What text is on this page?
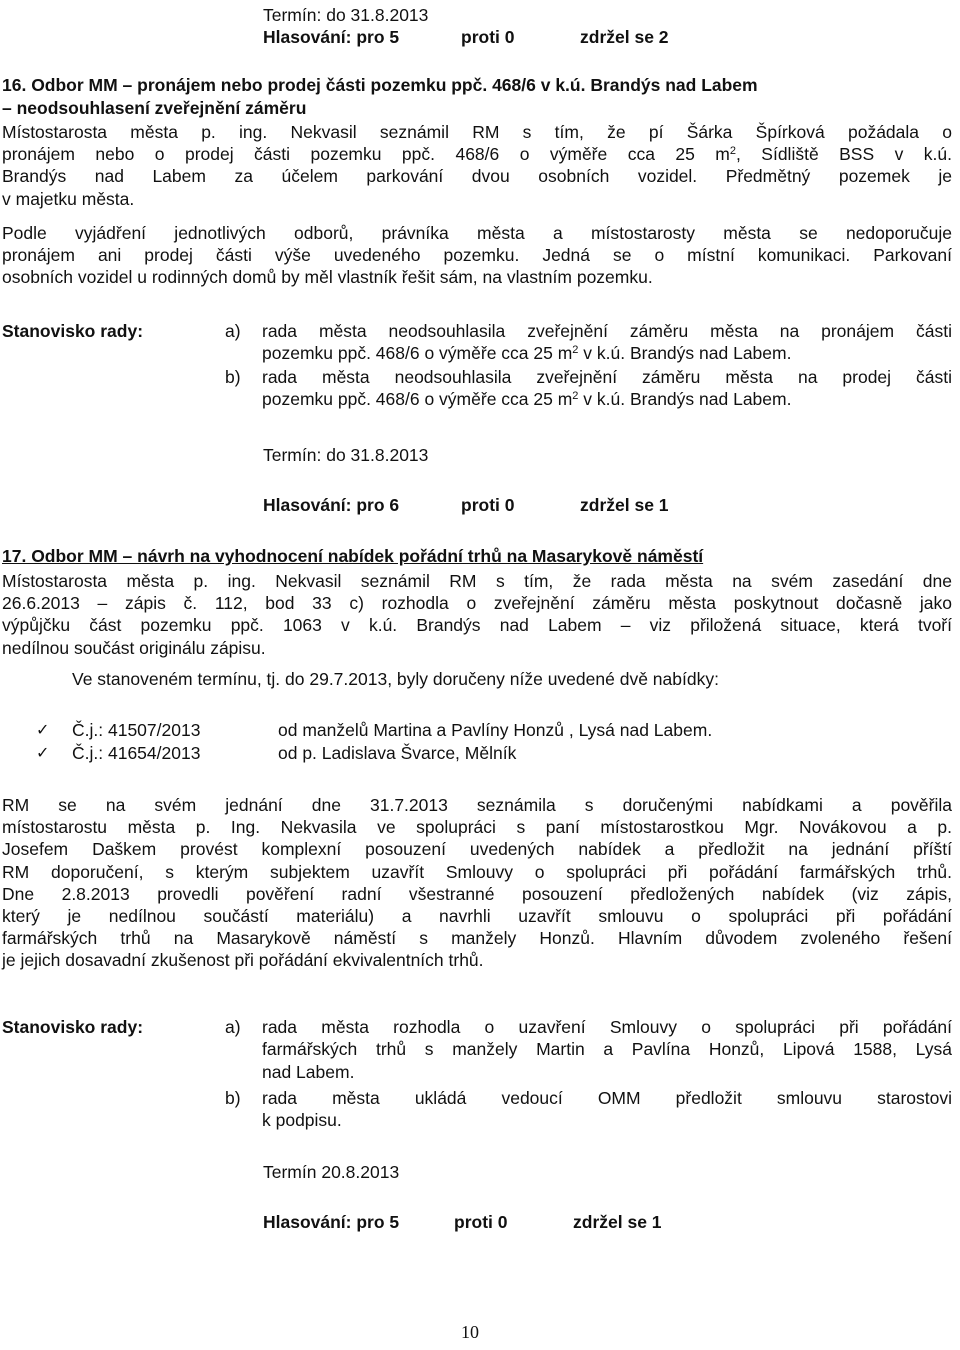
Termín: do 31.8.2013
Hlasování: pro 5	proti 0	zdržel se 2
16. Odbor MM – pronájem nebo prodej části pozemku ppč. 468/6 v k.ú. Brandýs nad Labem
– neodsouhlasení zveřejnění záměru
Místostarosta města p. ing. Nekvasil seznámil RM s tím, že pí Šárka Špírková požádala o
pronájem nebo o prodej části pozemku ppč. 468/6 o výměře cca 25 $m^2$, Sídliště BSS v k.ú.
Brandýs nad Labem za účelem parkování dvou osobních vozidel. Předmětný pozemek je
v majetku města.
Podle vyjádření jednotlivých odborů, právníka města a místostarosty města se nedoporučuje
pronájem ani prodej části výše uvedeného pozemku. Jedná se o místní komunikaci. Parkovaní
osobních vozidel u rodinných domů by měl vlastník řešit sám, na vlastním pozemku.
Stanovisko rady:	a) rada města neodsouhlasila zveřejnění záměru města na pronájem části
pozemku ppč. 468/6 o výměře cca 25 $m^2$ v k.ú. Brandýs nad Labem.
b) rada města neodsouhlasila zveřejnění záměru města na prodej části
pozemku ppč. 468/6 o výměře cca 25 $m^2$ v k.ú. Brandýs nad Labem.
Termín: do 31.8.2013
Hlasování: pro 6	proti 0	zdržel se 1
17. Odbor MM – návrh na vyhodnocení nabídek pořádní trhů na Masarykově náměstí
Místostarosta města p. ing. Nekvasil seznámil RM s tím, že rada města na svém zasedání dne
26.6.2013 – zápis č. 112, bod 33 c) rozhodla o zveřejnění záměru města poskytnout dočasně jako
výpůjčku část pozemku ppč. 1063 v k.ú. Brandýs nad Labem – viz přiložená situace, která tvoří
nedílnou součást originálu zápisu.
Ve stanoveném termínu, tj. do 29.7.2013, byly doručeny níže uvedené dvě nabídky:
✓ Č.j.: 41507/2013	od manželů Martina a Pavlíny Honzů , Lysá nad Labem.
✓ Č.j.: 41654/2013	od p. Ladislava Švarce, Mělník
RM se na svém jednání dne 31.7.2013 seznámila s doručenými nabídkami a pověřila
místostarostu města p. Ing. Nekvasila ve spolupráci s paní místostarostkou Mgr. Novákovou a p.
Josefem Daškem provést komplexní posouzení uvedených nabídek a předložit na jednání příští
RM doporučení, s kterým subjektem uzavřít Smlouvy o spolupráci při pořádání farmářských trhů.
Dne 2.8.2013 provedli pověření radní všestranné posouzení předložených nabídek (viz zápis,
který je nedílnou součástí materiálu) a navrhli uzavřít smlouvu o spolupráci při pořádání
farmářských trhů na Masarykově náměstí s manžely Honzů. Hlavním důvodem zvoleného řešení
je jejich dosavadní zkušenost při pořádání ekvivalentních trhů.
Stanovisko rady:	a) rada města rozhodla o uzavření Smlouvy o spolupráci při pořádání
farmářských trhů s manžely Martin a Pavlína Honzů, Lipová 1588, Lysá
nad Labem.
b) rada města ukládá vedoucí OMM předložit smlouvu starostovi
k podpisu.
Termín 20.8.2013
Hlasování: pro 5	proti 0	zdržel se 1
10
